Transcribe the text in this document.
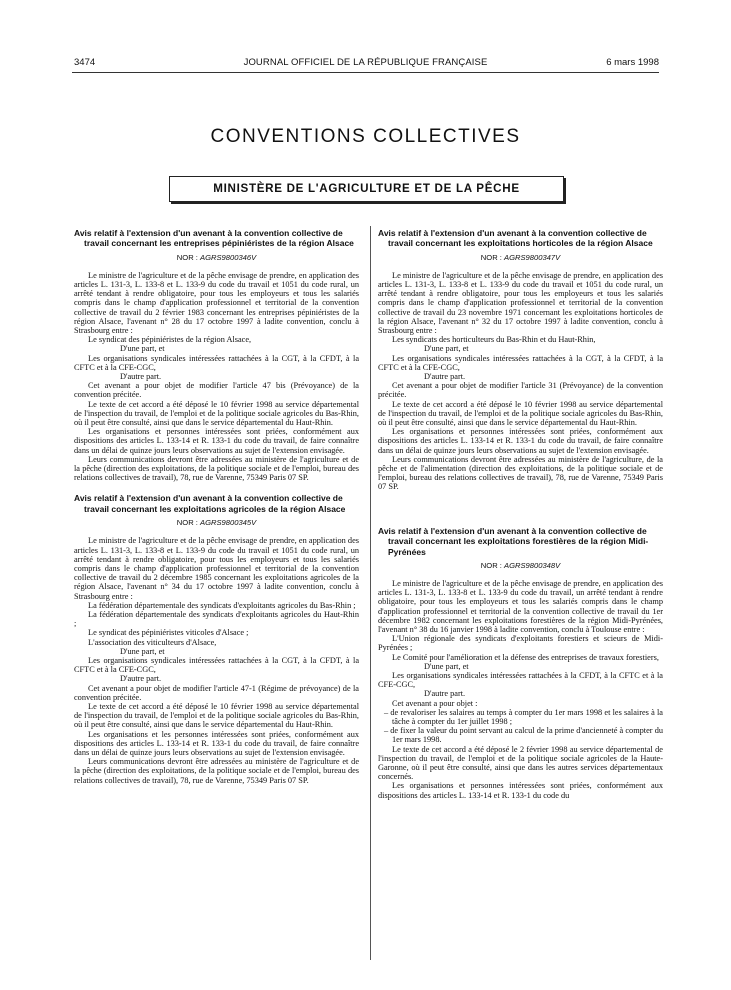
JOURNAL OFFICIEL DE LA RÉPUBLIQUE FRANÇAISE
3474	6 mars 1998
CONVENTIONS COLLECTIVES
MINISTÈRE DE L'AGRICULTURE ET DE LA PÊCHE

Avis relatif à l'extension d'un avenant à la convention collective de travail concernant les entreprises pépiniéristes de la région Alsace

NOR : AGRS9800346V

Le ministre de l'agriculture et de la pêche envisage de prendre, en application des articles L. 131-3, L. 133-8 et L. 133-9 du code du travail et 1051 du code rural, un arrêté tendant à rendre obligatoire, pour tous les employeurs et tous les salariés compris dans le champ d'application professionnel et territorial de la convention collective de travail du 2 février 1983 concernant les entreprises pépiniéristes de la région Alsace, l'avenant n° 28 du 17 octobre 1997 à ladite convention, conclu à Strasbourg entre :

Le syndicat des pépiniéristes de la région Alsace,

D'une part, et

Les organisations syndicales intéressées rattachées à la CGT, à la CFDT, à la CFTC et à la CFE-CGC,

D'autre part.

Cet avenant a pour objet de modifier l'article 47 bis (Prévoyance) de la convention précitée.

Le texte de cet accord a été déposé le 10 février 1998 au service départemental de l'inspection du travail, de l'emploi et de la politique sociale agricoles du Bas-Rhin, où il peut être consulté, ainsi que dans le service départemental du Haut-Rhin.

Les organisations et personnes intéressées sont priées, conformément aux dispositions des articles L. 133-14 et R. 133-1 du code du travail, de faire connaître dans un délai de quinze jours leurs observations au sujet de l'extension envisagée.

Leurs communications devront être adressées au ministère de l'agriculture et de la pêche (direction des exploitations, de la politique sociale et de l'emploi, bureau des relations collectives de travail), 78, rue de Varenne, 75349 Paris 07 SP.

Avis relatif à l'extension d'un avenant à la convention collective de travail concernant les exploitations agricoles de la région Alsace

NOR : AGRS9800345V

Le ministre de l'agriculture et de la pêche envisage de prendre, en application des articles L. 131-3, L. 133-8 et L. 133-9 du code du travail et 1051 du code rural, un arrêté tendant à rendre obligatoire, pour tous les employeurs et tous les salariés compris dans le champ d'application professionnel et territorial de la convention collective de travail du 2 décembre 1985 concernant les exploitations agricoles de la région Alsace, l'avenant n° 34 du 17 octobre 1997 à ladite convention, conclu à Strasbourg entre :

La fédération départementale des syndicats d'exploitants agricoles du Bas-Rhin ;

La fédération départementale des syndicats d'exploitants agricoles du Haut-Rhin ;

Le syndicat des pépiniéristes viticoles d'Alsace ;

L'association des viticulteurs d'Alsace,

D'une part, et

Les organisations syndicales intéressées rattachées à la CGT, à la CFDT, à la CFTC et à la CFE-CGC,

D'autre part.

Cet avenant a pour objet de modifier l'article 47-1 (Régime de prévoyance) de la convention précitée.

Le texte de cet accord a été déposé le 10 février 1998 au service départemental de l'inspection du travail, de l'emploi et de la politique sociale agricoles du Bas-Rhin, où il peut être consulté, ainsi que dans le service départemental du Haut-Rhin.

Les organisations et les personnes intéressées sont priées, conformément aux dispositions des articles L. 133-14 et R. 133-1 du code du travail, de faire connaître dans un délai de quinze jours leurs observations au sujet de l'extension envisagée.

Leurs communications devront être adressées au ministère de l'agriculture et de la pêche (direction des exploitations, de la politique sociale et de l'emploi, bureau des relations collectives de travail), 78, rue de Varenne, 75349 Paris 07 SP.

Avis relatif à l'extension d'un avenant à la convention collective de travail concernant les exploitations horticoles de la région Alsace

NOR : AGRS9800347V

Le ministre de l'agriculture et de la pêche envisage de prendre, en application des articles L. 131-3, L. 133-8 et L. 133-9 du code du travail et 1051 du code rural, un arrêté tendant à rendre obligatoire, pour tous les employeurs et tous les salariés compris dans le champ d'application professionnel et territorial de la convention collective de travail du 23 novembre 1971 concernant les exploitations horticoles de la région Alsace, l'avenant n° 32 du 17 octobre 1997 à ladite convention, conclu à Strasbourg entre :

Les syndicats des horticulteurs du Bas-Rhin et du Haut-Rhin,

D'une part, et

Les organisations syndicales intéressées rattachées à la CGT, à la CFDT, à la CFTC et à la CFE-CGC,

D'autre part.

Cet avenant a pour objet de modifier l'article 31 (Prévoyance) de la convention précitée.

Le texte de cet accord a été déposé le 10 février 1998 au service départemental de l'inspection du travail, de l'emploi et de la politique sociale agricoles du Bas-Rhin, où il peut être consulté, ainsi que dans le service départemental du Haut-Rhin.

Les organisations et personnes intéressées sont priées, conformément aux dispositions des articles L. 133-14 et R. 133-1 du code du travail, de faire connaître dans un délai de quinze jours leurs observations au sujet de l'extension envisagée.

Leurs communications devront être adressées au ministère de l'agriculture, de la pêche et de l'alimentation (direction des exploitations, de la politique sociale et de l'emploi, bureau des relations collectives de travail), 78, rue de Varenne, 75349 Paris 07 SP.

Avis relatif à l'extension d'un avenant à la convention collective de travail concernant les exploitations forestières de la région Midi-Pyrénées

NOR : AGRS9800348V

Le ministre de l'agriculture et de la pêche envisage de prendre, en application des articles L. 131-3, L. 133-8 et L. 133-9 du code du travail, un arrêté tendant à rendre obligatoire, pour tous les employeurs et tous les salariés compris dans le champ d'application professionnel et territorial de la convention collective de travail du 1er décembre 1982 concernant les exploitations forestières de la région Midi-Pyrénées, l'avenant n° 38 du 16 janvier 1998 à ladite convention, conclu à Toulouse entre :

L'Union régionale des syndicats d'exploitants forestiers et scieurs de Midi-Pyrénées ;

Le Comité pour l'amélioration et la défense des entreprises de travaux forestiers,

D'une part, et

Les organisations syndicales intéressées rattachées à la CFDT, à la CFTC et à la CFE-CGC,

D'autre part.

Cet avenant a pour objet :

– de revaloriser les salaires au temps à compter du 1er mars 1998 et les salaires à la tâche à compter du 1er juillet 1998 ;

– de fixer la valeur du point servant au calcul de la prime d'ancienneté à compter du 1er mars 1998.

Le texte de cet accord a été déposé le 2 février 1998 au service départemental de l'inspection du travail, de l'emploi et de la politique sociale agricoles de la Haute-Garonne, où il peut être consulté, ainsi que dans les autres services départementaux concernés.

Les organisations et personnes intéressées sont priées, conformément aux dispositions des articles L. 133-14 et R. 133-1 du code du
